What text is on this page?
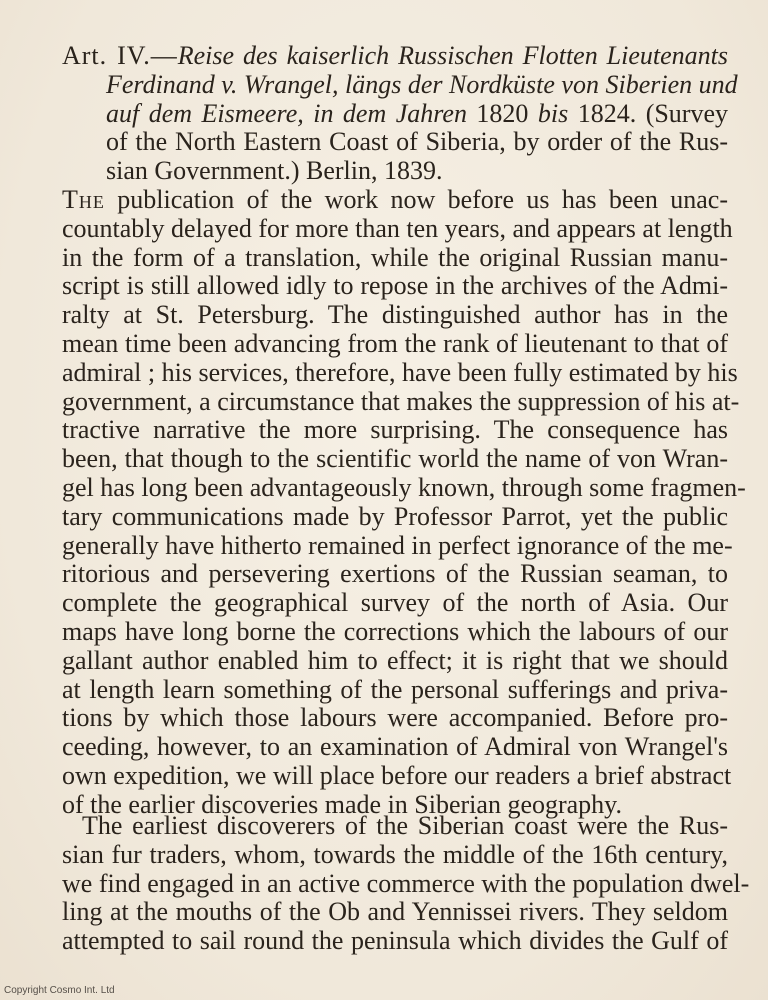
Art. IV.—Reise des kaiserlich Russischen Flotten Lieutenants
Ferdinand v. Wrangel, längs der Nordküste von Siberien und
auf dem Eismeere, in dem Jahren 1820 bis 1824. (Survey
of the North Eastern Coast of Siberia, by order of the Rus-
sian Government.) Berlin, 1839.
The publication of the work now before us has been unac-
countably delayed for more than ten years, and appears at length
in the form of a translation, while the original Russian manu-
script is still allowed idly to repose in the archives of the Admi-
ralty at St. Petersburg. The distinguished author has in the
mean time been advancing from the rank of lieutenant to that of
admiral ; his services, therefore, have been fully estimated by his
government, a circumstance that makes the suppression of his at-
tractive narrative the more surprising. The consequence has
been, that though to the scientific world the name of von Wran-
gel has long been advantageously known, through some fragmen-
tary communications made by Professor Parrot, yet the public
generally have hitherto remained in perfect ignorance of the me-
ritorious and persevering exertions of the Russian seaman, to
complete the geographical survey of the north of Asia. Our
maps have long borne the corrections which the labours of our
gallant author enabled him to effect; it is right that we should
at length learn something of the personal sufferings and priva-
tions by which those labours were accompanied. Before pro-
ceeding, however, to an examination of Admiral von Wrangel's
own expedition, we will place before our readers a brief abstract
of the earlier discoveries made in Siberian geography.
The earliest discoverers of the Siberian coast were the Rus-
sian fur traders, whom, towards the middle of the 16th century,
we find engaged in an active commerce with the population dwel-
ling at the mouths of the Ob and Yennissei rivers. They seldom
attempted to sail round the peninsula which divides the Gulf of
Copyright Cosmo Int. Ltd
